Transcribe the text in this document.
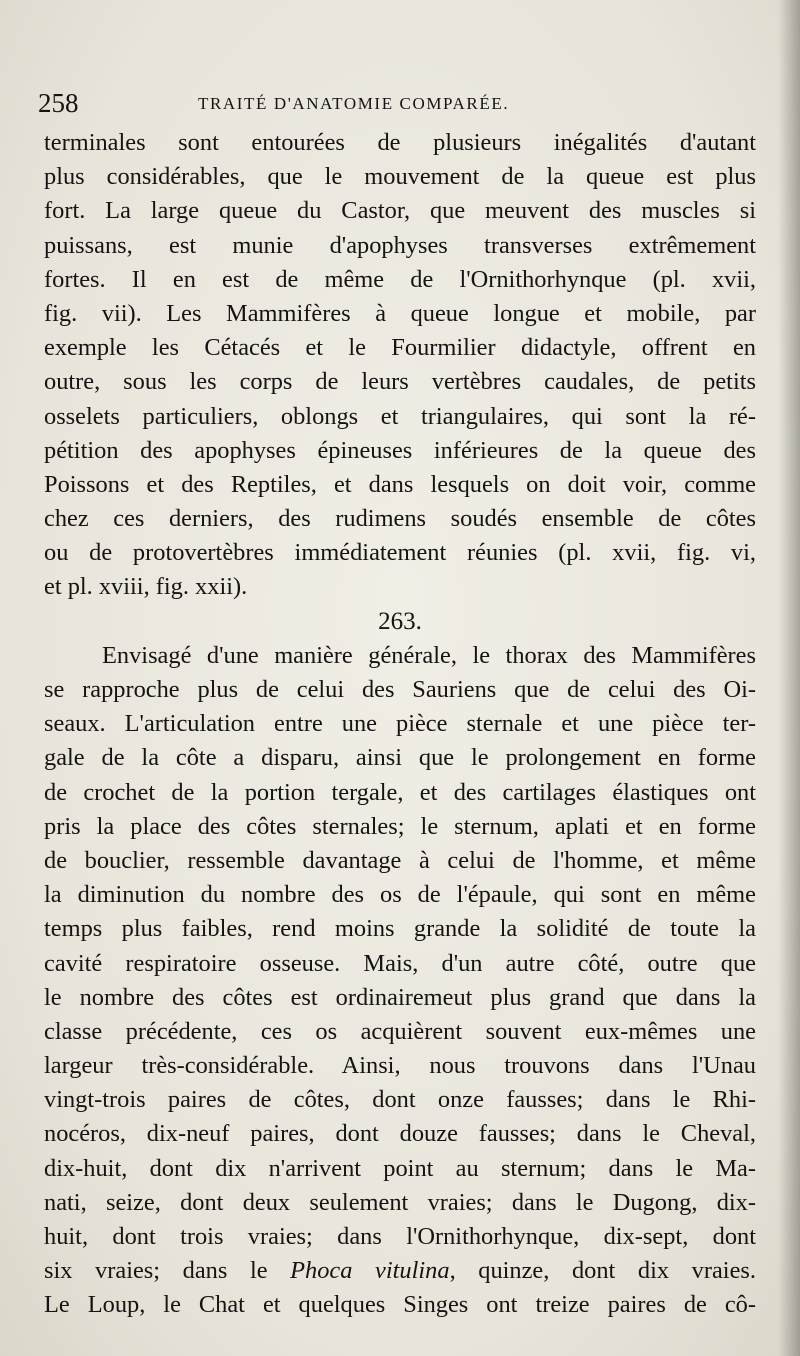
258	TRAITÉ D'ANATOMIE COMPARÉE.
terminales sont entourées de plusieurs inégalités d'autant
plus considérables, que le mouvement de la queue est plus
fort. La large queue du Castor, que meuvent des muscles si
puissans, est munie d'apophyses transverses extrêmement
fortes. Il en est de même de l'Ornithorhynque (pl. xvii,
fig. vii). Les Mammifères à queue longue et mobile, par
exemple les Cétacés et le Fourmilier didactyle, offrent en
outre, sous les corps de leurs vertèbres caudales, de petits
osselets particuliers, oblongs et triangulaires, qui sont la ré-
pétition des apophyses épineuses inférieures de la queue des
Poissons et des Reptiles, et dans lesquels on doit voir, comme
chez ces derniers, des rudimens soudés ensemble de côtes
ou de protovertèbres immédiatement réunies (pl. xvii, fig. vi,
et pl. xviii, fig. xxii).
263.
Envisagé d'une manière générale, le thorax des Mammifères
se rapproche plus de celui des Sauriens que de celui des Oi-
seaux. L'articulation entre une pièce sternale et une pièce ter-
gale de la côte a disparu, ainsi que le prolongement en forme
de crochet de la portion tergale, et des cartilages élastiques ont
pris la place des côtes sternales; le sternum, aplati et en forme
de bouclier, ressemble davantage à celui de l'homme, et même
la diminution du nombre des os de l'épaule, qui sont en même
temps plus faibles, rend moins grande la solidité de toute la
cavité respiratoire osseuse. Mais, d'un autre côté, outre que
le nombre des côtes est ordinairemeut plus grand que dans la
classe précédente, ces os acquièrent souvent eux-mêmes une
largeur très-considérable. Ainsi, nous trouvons dans l'Unau
vingt-trois paires de côtes, dont onze fausses; dans le Rhi-
nocéros, dix-neuf paires, dont douze fausses; dans le Cheval,
dix-huit, dont dix n'arrivent point au sternum; dans le Ma-
nati, seize, dont deux seulement vraies; dans le Dugong, dix-
huit, dont trois vraies; dans l'Ornithorhynque, dix-sept, dont
six vraies; dans le Phoca vitulina, quinze, dont dix vraies.
Le Loup, le Chat et quelques Singes ont treize paires de cô-
